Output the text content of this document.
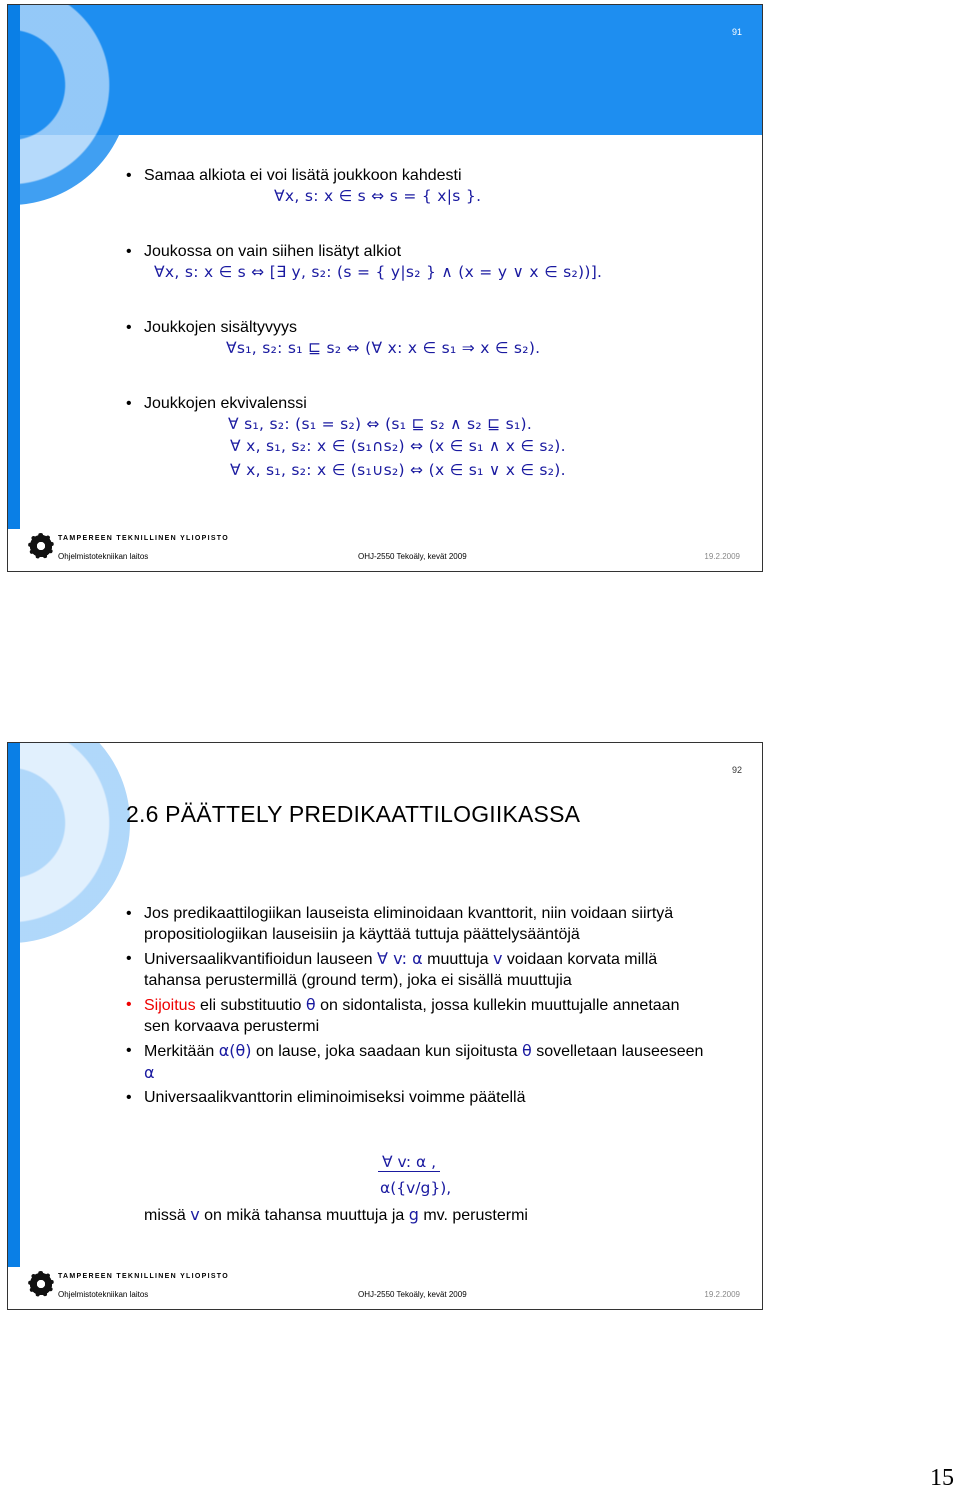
91
• Samaa alkiota ei voi lisätä joukkoon kahdesti
∀x, s: x ∈ s ⇔ s = { x|s }.
• Joukossa on vain siihen lisätyt alkiot
∀x, s: x ∈ s ⇔ [∃ y, s₂: (s = { y|s₂ } ∧ (x = y ∨ x ∈ s₂))].
• Joukkojen sisältyvyys
∀s₁, s₂: s₁ ⊑ s₂ ⇔ (∀ x: x ∈ s₁ ⇒ x ∈ s₂).
• Joukkojen ekvivalenssi
∀ s₁, s₂: (s₁ = s₂) ⇔ (s₁ ⊑ s₂ ∧ s₂ ⊑ s₁).
∀ x, s₁, s₂: x ∈ (s₁∩s₂) ⇔ (x ∈ s₁ ∧ x ∈ s₂).
∀ x, s₁, s₂: x ∈ (s₁∪s₂) ⇔ (x ∈ s₁ ∨ x ∈ s₂).
TAMPEREEN TEKNILLINEN YLIOPISTO
Ohjelmistotekniikan laitos	OHJ-2550 Tekoäly, kevät 2009	19.2.2009
92
2.6 PÄÄTTELY PREDIKAATTILOGIIKASSA
• Jos predikaattilogiikan lauseista eliminoidaan kvanttorit, niin voidaan siirtyä propositiologiikan lauseisiin ja käyttää tuttuja päättelysääntöjä
• Universaalikvantifioidun lauseen ∀ v: α muuttuja v voidaan korvata millä tahansa perustermillä (ground term), joka ei sisällä muuttujia
• Sijoitus eli substituutio θ on sidontalista, jossa kullekin muuttujalle annetaan sen korvaava perustermi
• Merkitään α(θ) on lause, joka saadaan kun sijoitusta θ sovelletaan lauseeseen α
• Universaalikvanttorin eliminoimiseksi voimme päätellä
∀ v: α ,
α({v/g}),
missä v on mikä tahansa muuttuja ja g mv. perustermi
TAMPEREEN TEKNILLINEN YLIOPISTO
Ohjelmistotekniikan laitos	OHJ-2550 Tekoäly, kevät 2009	19.2.2009
15
